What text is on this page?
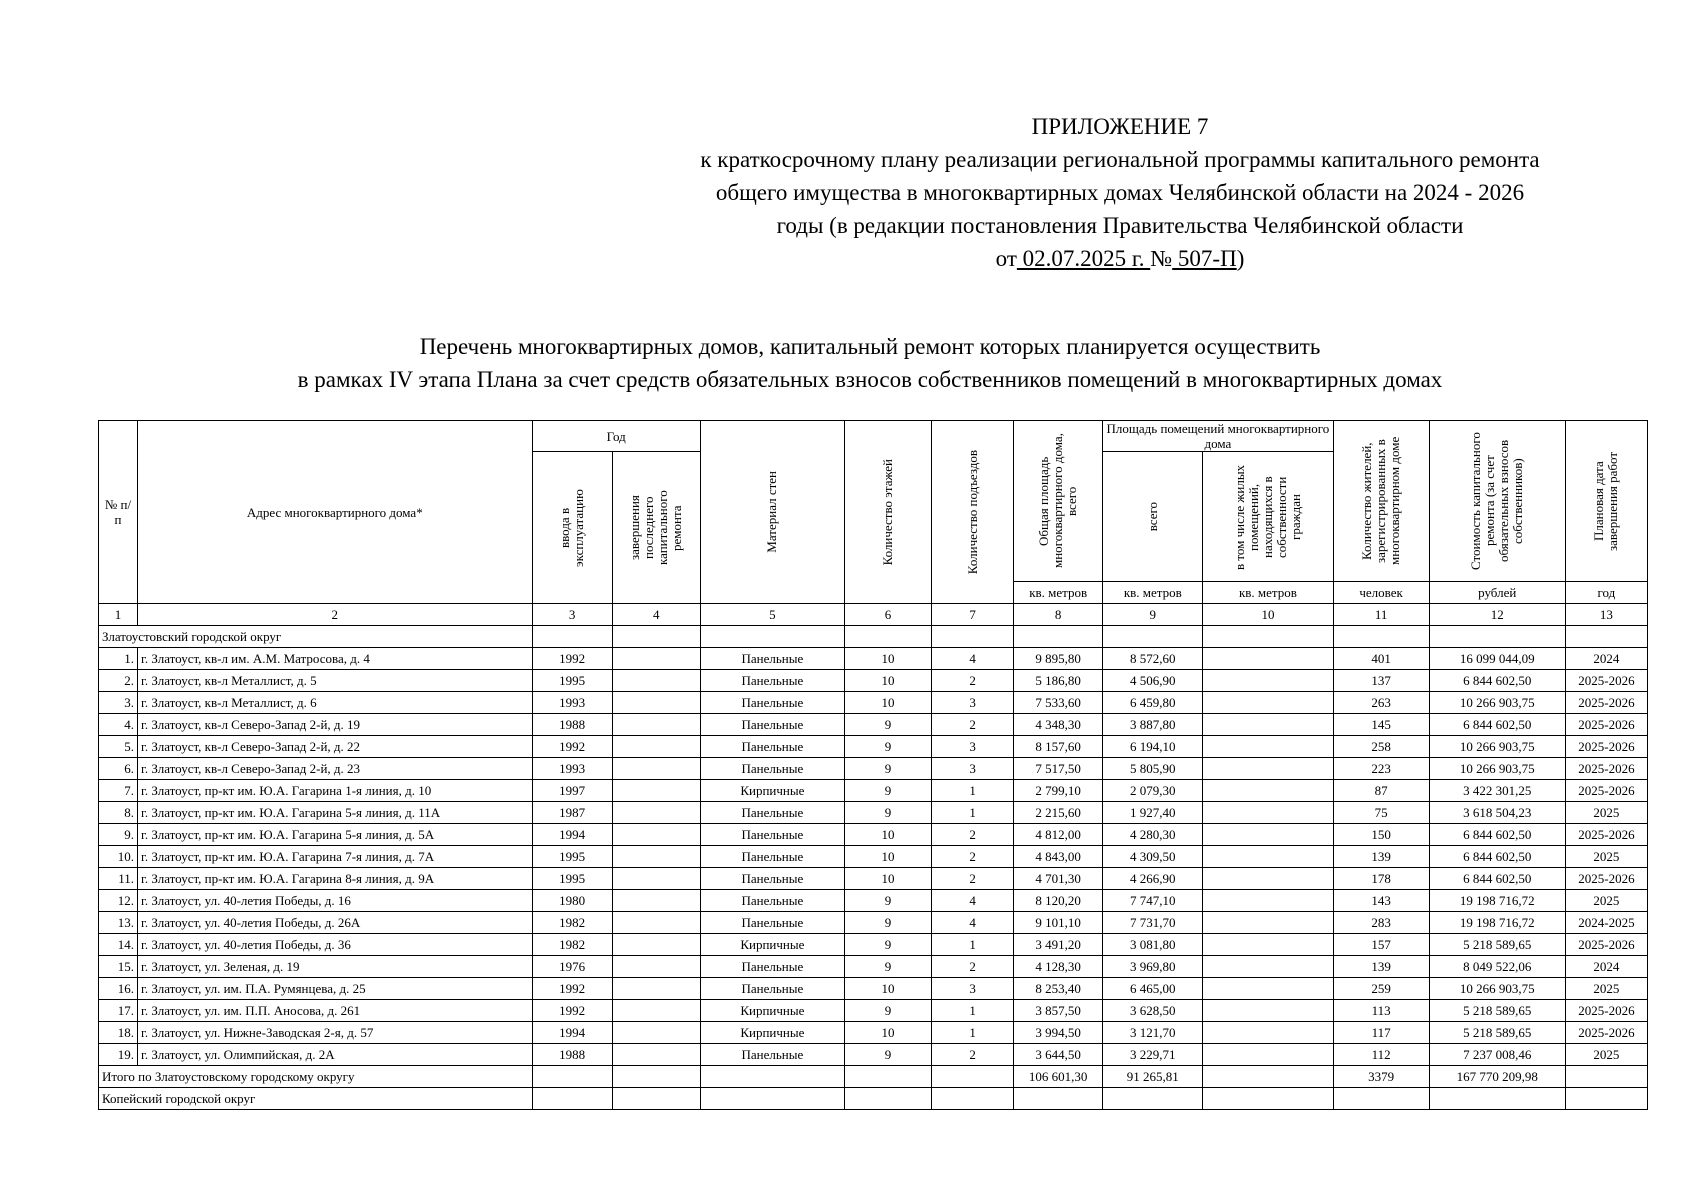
ПРИЛОЖЕНИЕ 7
к краткосрочному плану реализации региональной программы капитального ремонта
общего имущества в многоквартирных домах Челябинской области на 2024 - 2026
годы (в редакции постановления Правительства Челябинской области
от 02.07.2025 г. № 507-П)
Перечень многоквартирных домов, капитальный ремонт которых планируется осуществить
в рамках IV этапа Плана за счет средств обязательных взносов собственников помещений в многоквартирных домах
№ п/п	Адрес многоквартирного дома*	Год		Материал стен	Количество этажей	Количество подъездов	Общая площадь многоквартирного дома, всего	Площадь помещений многоквартирного дома		Количество жителей, зарегистрированных в многоквартирном доме	Стоимость капитального ремонта (за счет обязательных взносов собственников)	Плановая дата завершения работ

		ввода в эксплуатацию	завершения последнего капитального ремонта					всего	в том числе жилых помещений, находящихся в собственности граждан			

							кв. метров	кв. метров	кв. метров	человек	рублей	год
1	2	3	4	5	6	7	8	9	10	11	12	13
Златоустовский городской округ												
1.	г. Златоуст, кв-л им. А.М. Матросова, д. 4	1992		Панельные	10	4	9 895,80	8 572,60		401	16 099 044,09	2024
2.	г. Златоуст, кв-л Металлист, д. 5	1995		Панельные	10	2	5 186,80	4 506,90		137	6 844 602,50	2025-2026
3.	г. Златоуст, кв-л Металлист, д. 6	1993		Панельные	10	3	7 533,60	6 459,80		263	10 266 903,75	2025-2026
4.	г. Златоуст, кв-л Северо-Запад 2-й, д. 19	1988		Панельные	9	2	4 348,30	3 887,80		145	6 844 602,50	2025-2026
5.	г. Златоуст, кв-л Северо-Запад 2-й, д. 22	1992		Панельные	9	3	8 157,60	6 194,10		258	10 266 903,75	2025-2026
6.	г. Златоуст, кв-л Северо-Запад 2-й, д. 23	1993		Панельные	9	3	7 517,50	5 805,90		223	10 266 903,75	2025-2026
7.	г. Златоуст, пр-кт им. Ю.А. Гагарина 1-я линия, д. 10	1997		Кирпичные	9	1	2 799,10	2 079,30		87	3 422 301,25	2025-2026
8.	г. Златоуст, пр-кт им. Ю.А. Гагарина 5-я линия, д. 11А	1987		Панельные	9	1	2 215,60	1 927,40		75	3 618 504,23	2025
9.	г. Златоуст, пр-кт им. Ю.А. Гагарина 5-я линия, д. 5А	1994		Панельные	10	2	4 812,00	4 280,30		150	6 844 602,50	2025-2026
10.	г. Златоуст, пр-кт им. Ю.А. Гагарина 7-я линия, д. 7А	1995		Панельные	10	2	4 843,00	4 309,50		139	6 844 602,50	2025
11.	г. Златоуст, пр-кт им. Ю.А. Гагарина 8-я линия, д. 9А	1995		Панельные	10	2	4 701,30	4 266,90		178	6 844 602,50	2025-2026
12.	г. Златоуст, ул. 40-летия Победы, д. 16	1980		Панельные	9	4	8 120,20	7 747,10		143	19 198 716,72	2025
13.	г. Златоуст, ул. 40-летия Победы, д. 26А	1982		Панельные	9	4	9 101,10	7 731,70		283	19 198 716,72	2024-2025
14.	г. Златоуст, ул. 40-летия Победы, д. 36	1982		Кирпичные	9	1	3 491,20	3 081,80		157	5 218 589,65	2025-2026
15.	г. Златоуст, ул. Зеленая, д. 19	1976		Панельные	9	2	4 128,30	3 969,80		139	8 049 522,06	2024
16.	г. Златоуст, ул. им. П.А. Румянцева, д. 25	1992		Панельные	10	3	8 253,40	6 465,00		259	10 266 903,75	2025
17.	г. Златоуст, ул. им. П.П. Аносова, д. 261	1992		Кирпичные	9	1	3 857,50	3 628,50		113	5 218 589,65	2025-2026
18.	г. Златоуст, ул. Нижне-Заводская 2-я, д. 57	1994		Кирпичные	10	1	3 994,50	3 121,70		117	5 218 589,65	2025-2026
19.	г. Златоуст, ул. Олимпийская, д. 2А	1988		Панельные	9	2	3 644,50	3 229,71		112	7 237 008,46	2025
Итого по Златоустовскому городскому округу							106 601,30	91 265,81		3379	167 770 209,98	
Копейский городской округ												
